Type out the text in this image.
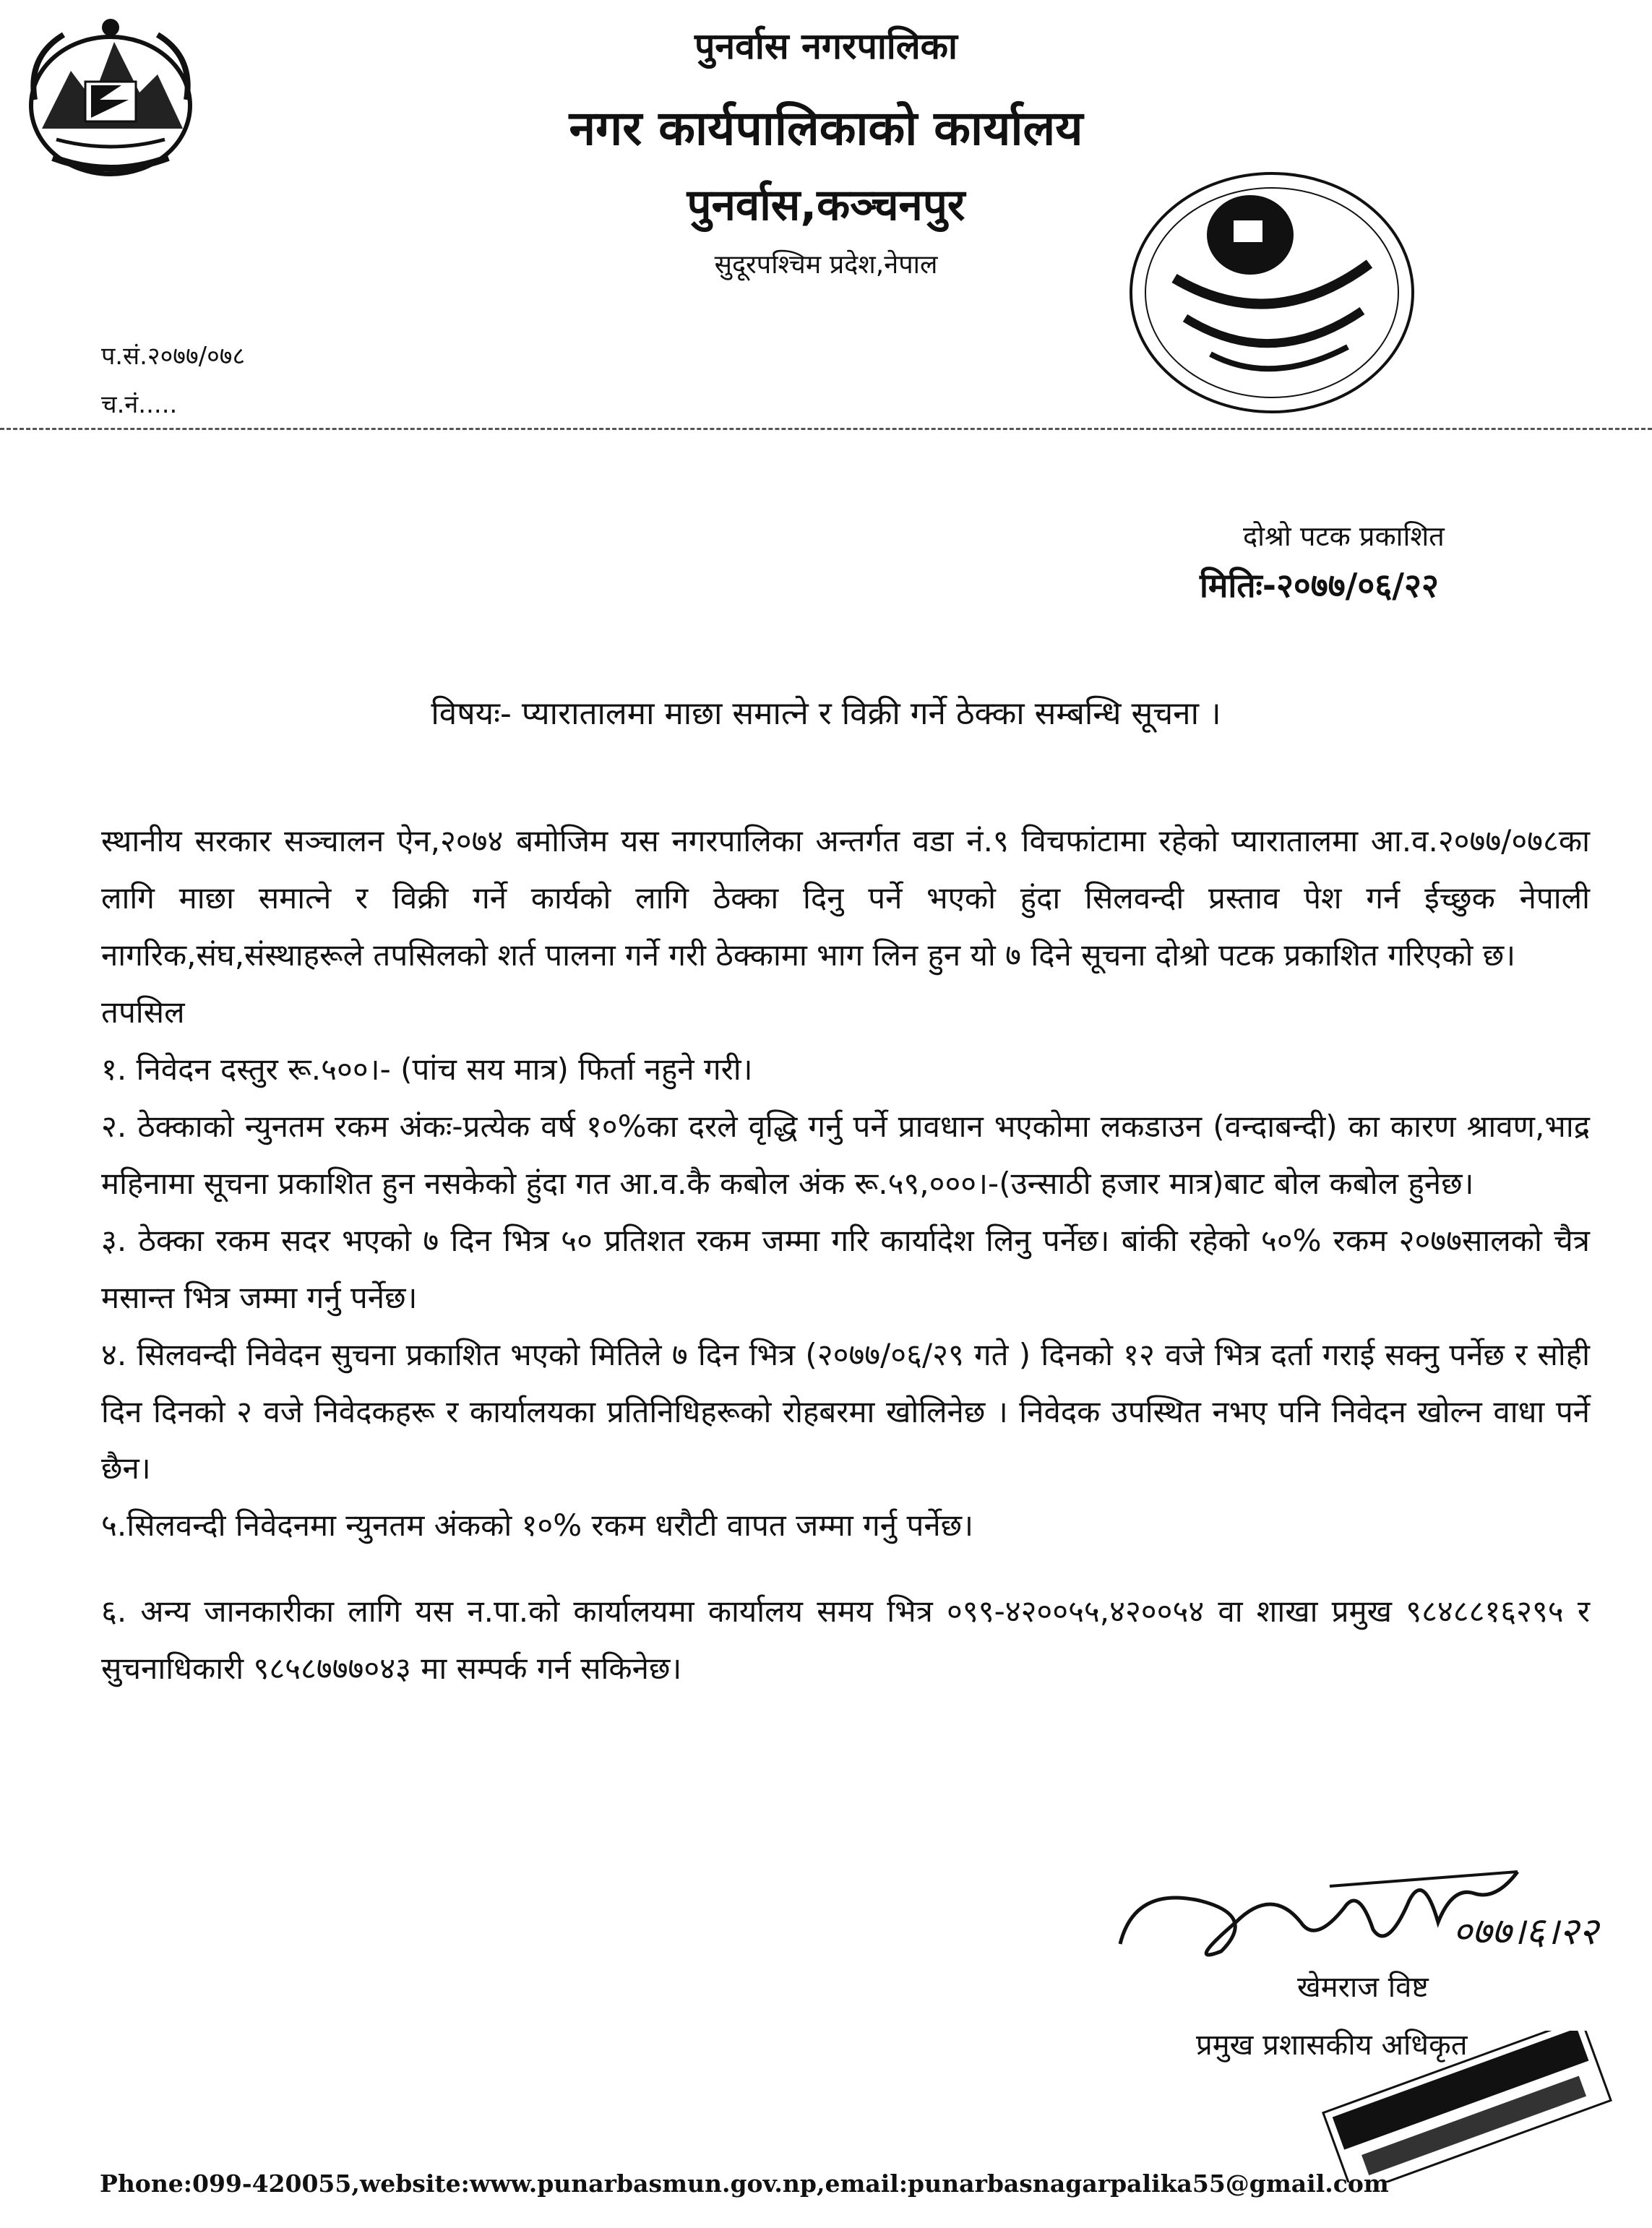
पुनर्वास नगरपालिका
नगर कार्यपालिकाको कार्यालय
पुनर्वास,कञ्चनपुर
सुदूरपश्चिम प्रदेश,नेपाल
प.सं.२०७७/०७८
च.नं.....
दोश्रो पटक प्रकाशित
मितिः-२०७७/०६/२२
विषयः- प्यारातालमा माछा समात्ने र विक्री गर्ने ठेक्का सम्बन्धि सूचना ।

स्थानीय सरकार सञ्चालन ऐन,२०७४ बमोजिम यस नगरपालिका अन्तर्गत वडा नं.९ विचफांटामा रहेको प्यारातालमा आ.व.२०७७/०७८का लागि माछा समात्ने र विक्री गर्ने कार्यको लागि ठेक्का दिनु पर्ने भएको हुंदा सिलवन्दी प्रस्ताव पेश गर्न ईच्छुक नेपाली नागरिक,संघ,संस्थाहरूले तपसिलको शर्त पालना गर्ने गरी ठेक्कामा भाग लिन हुन यो ७ दिने सूचना दोश्रो पटक प्रकाशित गरिएको छ।

तपसिल

१. निवेदन दस्तुर रू.५००।- (पांच सय मात्र) फिर्ता नहुने गरी।

२. ठेक्काको न्युनतम रकम अंकः-प्रत्येक वर्ष १०%का दरले वृद्धि गर्नु पर्ने प्रावधान भएकोमा लकडाउन (वन्दाबन्दी) का कारण श्रावण,भाद्र महिनामा सूचना प्रकाशित हुन नसकेको हुंदा गत आ.व.कै कबोल अंक रू.५९,०००।-(उन्साठी हजार मात्र)बाट बोल कबोल हुनेछ।

३. ठेक्का रकम सदर भएको ७ दिन भित्र ५० प्रतिशत रकम जम्मा गरि कार्यादेश लिनु पर्नेछ। बांकी रहेको ५०% रकम २०७७सालको चैत्र मसान्त भित्र जम्मा गर्नु पर्नेछ।

४. सिलवन्दी निवेदन सुचना प्रकाशित भएको मितिले ७ दिन भित्र (२०७७/०६/२९ गते ) दिनको १२ वजे भित्र दर्ता गराई सक्नु पर्नेछ र सोही दिन दिनको २ वजे निवेदकहरू र कार्यालयका प्रतिनिधिहरूको रोहबरमा खोलिनेछ । निवेदक उपस्थित नभए पनि निवेदन खोल्न वाधा पर्ने छैन।

५.सिलवन्दी निवेदनमा न्युनतम अंकको १०% रकम धरौटी वापत जम्मा गर्नु पर्नेछ।

६. अन्य जानकारीका लागि यस न.पा.को कार्यालयमा कार्यालय समय भित्र ०९९-४२००५५,४२००५४ वा शाखा प्रमुख ९८४८८१६२९५ र सुचनाधिकारी ९८५८७७७०४३ मा सम्पर्क गर्न सकिनेछ।

०७७।६।२२
खेमराज विष्ट
प्रमुख प्रशासकीय अधिकृत
Phone:099-420055,website:www.punarbasmun.gov.np,email:punarbasnagarpalika55@gmail.com
